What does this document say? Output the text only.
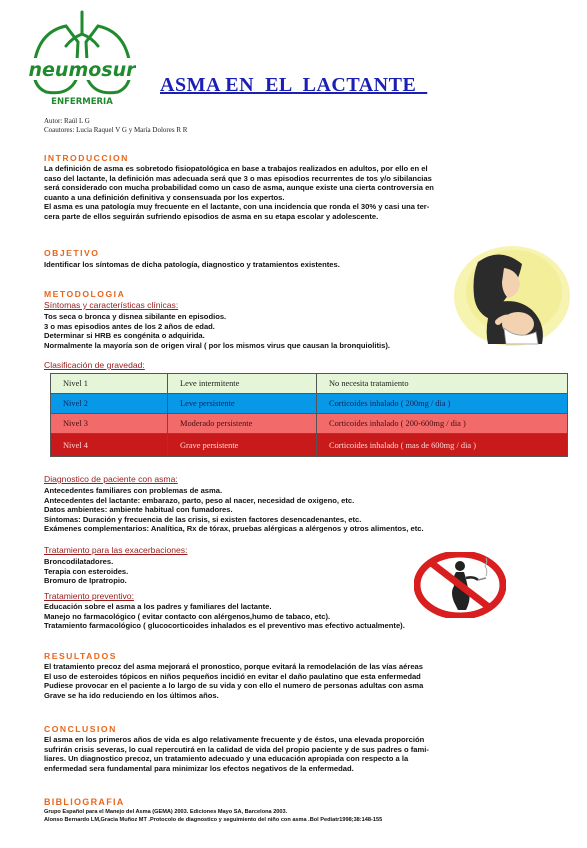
neumosur
ENFERMERIA
ASMA EN  EL  LACTANTE
Autor: Raúl L G
Coautores: Lucia Raquel V G y María Dolores R R
INTRODUCCION
La definición de asma es sobretodo fisiopatológica en base a trabajos realizados en adultos, por ello en el
caso del lactante, la definición mas adecuada será que 3 o mas episodios recurrentes de tos y/o sibilancias
será considerado con mucha probabilidad como un caso de asma, aunque existe una cierta controversia en
cuanto a una definición definitiva y consensuada por los expertos.
El asma es una patología muy frecuente en el lactante, con una incidencia que ronda el 30% y casi una ter-
cera parte de ellos seguirán sufriendo episodios de asma en su etapa escolar y adolescente.
OBJETIVO
Identificar los síntomas de dicha patología, diagnostico y tratamientos existentes.
METODOLOGIA
Síntomas y características clínicas:
Tos seca o bronca y disnea sibilante en episodios.
3 o mas episodios antes de los 2 años de edad.
Determinar si HRB es congénita o adquirida.
Normalmente la mayoría son de origen viral ( por los mismos virus que causan la bronquiolitis).
Clasificación de gravedad:
Nivel 1	Leve intermitente	No necesita tratamiento
Nivel 2	Leve persistente	Corticoides inhalado ( 200mg / dia )
Nivel 3	Moderado persistente	Corticoides inhalado ( 200-600mg / dia )
Nivel 4	Grave persistente	Corticoides inhalado ( mas de 600mg / dia )
Diagnostico de paciente con asma:
Antecedentes familiares con problemas de asma.
Antecedentes del lactante: embarazo, parto, peso al nacer, necesidad de oxigeno, etc.
Datos ambientes: ambiente habitual con fumadores.
Síntomas: Duración y frecuencia de las crisis, si existen factores desencadenantes, etc.
Exámenes complementarios: Analítica, Rx de tórax, pruebas alérgicas a alérgenos y otros alimentos, etc.
Tratamiento para las exacerbaciones:
Broncodilatadores.
Terapia con esteroides.
Bromuro de Ipratropio.
Tratamiento preventivo:
Educación sobre el asma a los padres y familiares del lactante.
Manejo no farmacológico ( evitar contacto con alérgenos,humo de tabaco, etc).
Tratamiento farmacológico ( glucocorticoides inhalados es el preventivo mas efectivo actualmente).
RESULTADOS
El tratamiento precoz del asma mejorará el pronostico, porque evitará la remodelación de las vías aéreas
El uso de esteroides tópicos en niños pequeños incidió en evitar el daño paulatino que esta enfermedad
Pudiese provocar en el paciente a lo largo de su vida y con ello el numero de personas adultas con asma
Grave se ha ido reduciendo en los últimos años.
CONCLUSION
El asma en los primeros años de vida es algo relativamente frecuente y de éstos, una elevada proporción
sufrirán crisis severas, lo cual repercutirá en la calidad de vida del propio paciente y de sus padres o fami-
liares. Un diagnostico precoz, un tratamiento adecuado y una educación apropiada con respecto a la
enfermedad sera fundamental para minimizar los efectos negativos de la enfermedad.
BIBLIOGRAFIA
Grupo Español para el Manejo del Asma (GEMA) 2003. Ediciones Mayo SA, Barcelona 2003.
Alonso Bernardo LM,Gracia Muñoz MT .Protocolo de diagnostico y seguimiento del niño con asma .Bol Pediatr1998;38:148-155
